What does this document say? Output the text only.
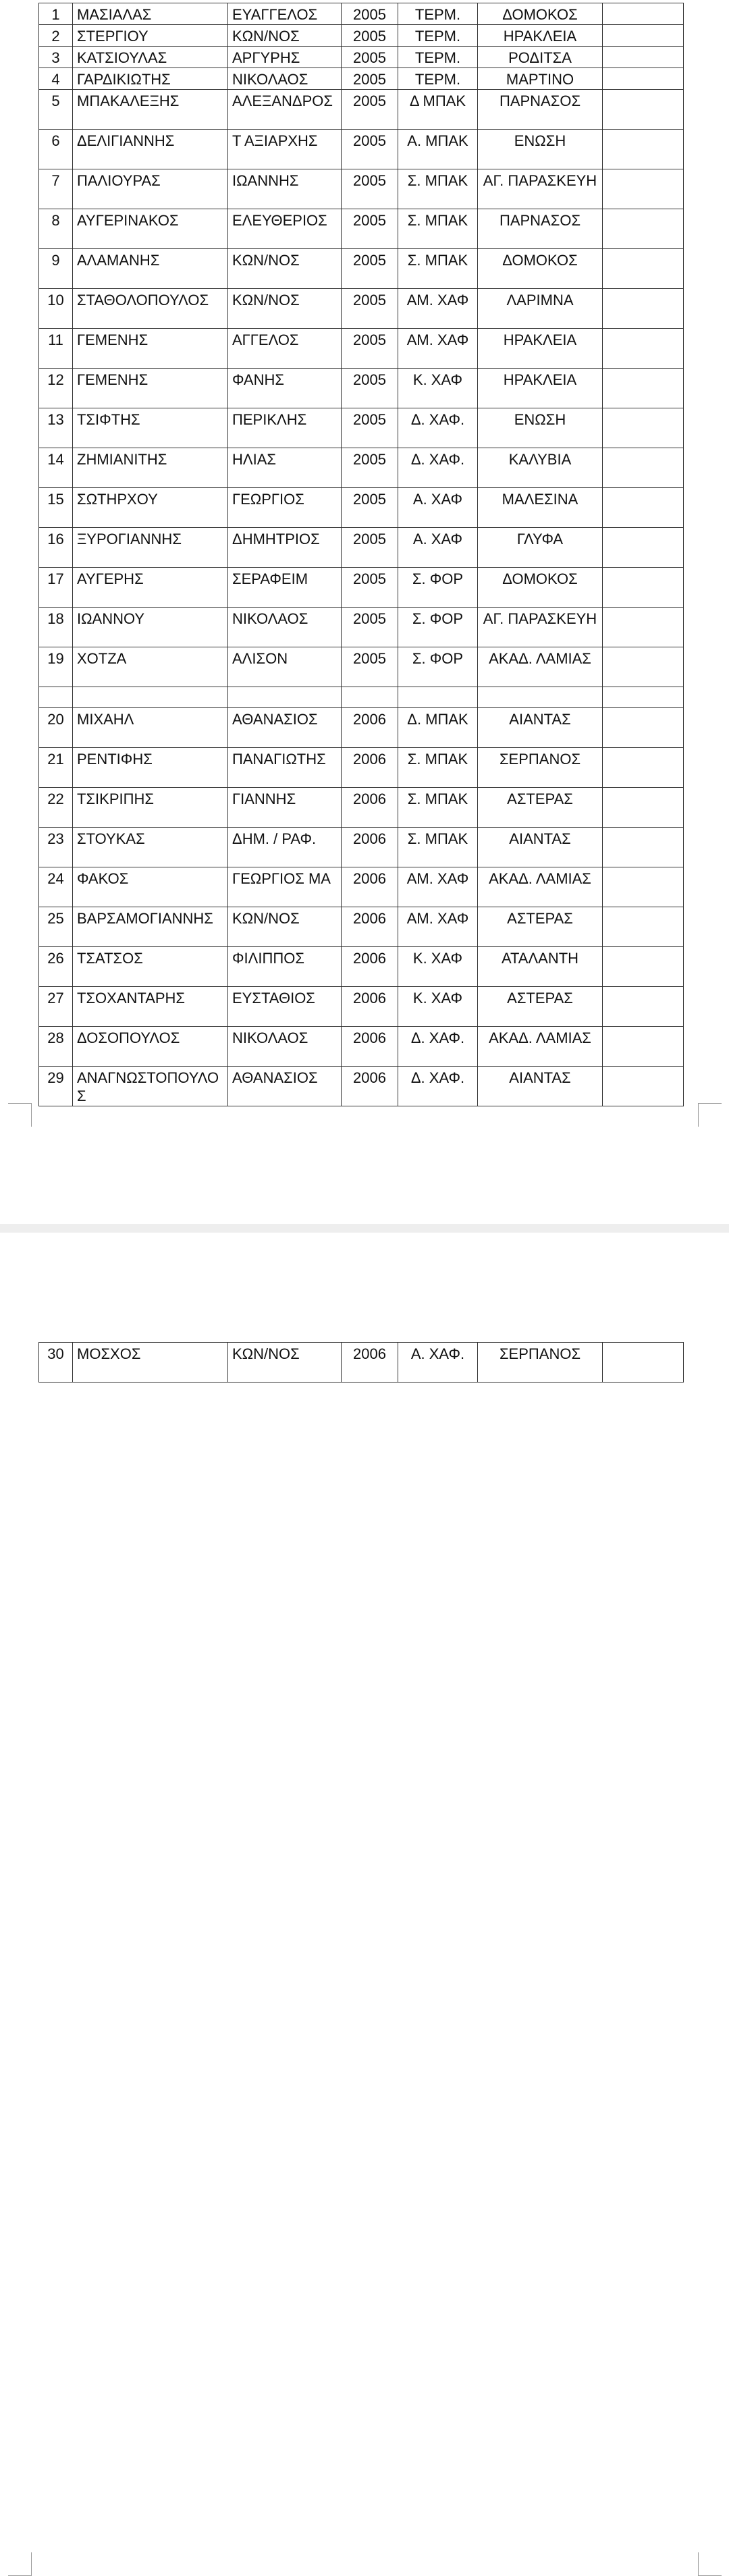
1	ΜΑΣΙΑΛΑΣ	ΕΥΑΓΓΕΛΟΣ	2005	ΤΕΡΜ.	ΔΟΜΟΚΟΣ	
2	ΣΤΕΡΓΙΟΥ	ΚΩΝ/ΝΟΣ	2005	ΤΕΡΜ.	ΗΡΑΚΛΕΙΑ	
3	ΚΑΤΣΙΟΥΛΑΣ	ΑΡΓΥΡΗΣ	2005	ΤΕΡΜ.	ΡΟΔΙΤΣΑ	
4	ΓΑΡΔΙΚΙΩΤΗΣ	ΝΙΚΟΛΑΟΣ	2005	ΤΕΡΜ.	ΜΑΡΤΙΝΟ	
5	ΜΠΑΚΑΛΕΞΗΣ	ΑΛΕΞΑΝΔΡΟΣ	2005	Δ ΜΠΑΚ	ΠΑΡΝΑΣΟΣ	
6	ΔΕΛΙΓΙΑΝΝΗΣ	Τ ΑΞΙΑΡΧΗΣ	2005	Α. ΜΠΑΚ	ΕΝΩΣΗ	
7	ΠΑΛΙΟΥΡΑΣ	ΙΩΑΝΝΗΣ	2005	Σ. ΜΠΑΚ	ΑΓ. ΠΑΡΑΣΚΕΥΗ	
8	ΑΥΓΕΡΙΝΑΚΟΣ	ΕΛΕΥΘΕΡΙΟΣ	2005	Σ. ΜΠΑΚ	ΠΑΡΝΑΣΟΣ	
9	ΑΛΑΜΑΝΗΣ	ΚΩΝ/ΝΟΣ	2005	Σ. ΜΠΑΚ	ΔΟΜΟΚΟΣ	
10	ΣΤΑΘΟΛΟΠΟΥΛΟΣ	ΚΩΝ/ΝΟΣ	2005	ΑΜ. ΧΑΦ	ΛΑΡΙΜΝΑ	
11	ΓΕΜΕΝΗΣ	ΑΓΓΕΛΟΣ	2005	ΑΜ. ΧΑΦ	ΗΡΑΚΛΕΙΑ	
12	ΓΕΜΕΝΗΣ	ΦΑΝΗΣ	2005	Κ. ΧΑΦ	ΗΡΑΚΛΕΙΑ	
13	ΤΣΙΦΤΗΣ	ΠΕΡΙΚΛΗΣ	2005	Δ. ΧΑΦ.	ΕΝΩΣΗ	
14	ΖΗΜΙΑΝΙΤΗΣ	ΗΛΙΑΣ	2005	Δ. ΧΑΦ.	ΚΑΛΥΒΙΑ	
15	ΣΩΤΗΡΧΟΥ	ΓΕΩΡΓΙΟΣ	2005	Α. ΧΑΦ	ΜΑΛΕΣΙΝΑ	
16	ΞΥΡΟΓΙΑΝΝΗΣ	ΔΗΜΗΤΡΙΟΣ	2005	Α. ΧΑΦ	ΓΛΥΦΑ	
17	ΑΥΓΕΡΗΣ	ΣΕΡΑΦΕΙΜ	2005	Σ. ΦΟΡ	ΔΟΜΟΚΟΣ	
18	ΙΩΑΝΝΟΥ	ΝΙΚΟΛΑΟΣ	2005	Σ. ΦΟΡ	ΑΓ. ΠΑΡΑΣΚΕΥΗ	
19	ΧΟΤΖΑ	ΑΛΙΣΟΝ	2005	Σ. ΦΟΡ	ΑΚΑΔ. ΛΑΜΙΑΣ	

20	ΜΙΧΑΗΛ	ΑΘΑΝΑΣΙΟΣ	2006	Δ. ΜΠΑΚ	ΑΙΑΝΤΑΣ	
21	ΡΕΝΤΙΦΗΣ	ΠΑΝΑΓΙΩΤΗΣ	2006	Σ. ΜΠΑΚ	ΣΕΡΠΑΝΟΣ	
22	ΤΣΙΚΡΙΠΗΣ	ΓΙΑΝΝΗΣ	2006	Σ. ΜΠΑΚ	ΑΣΤΕΡΑΣ	
23	ΣΤΟΥΚΑΣ	ΔΗΜ. / ΡΑΦ.	2006	Σ. ΜΠΑΚ	ΑΙΑΝΤΑΣ	
24	ΦΑΚΟΣ	ΓΕΩΡΓΙΟΣ ΜΑ	2006	ΑΜ. ΧΑΦ	ΑΚΑΔ. ΛΑΜΙΑΣ	
25	ΒΑΡΣΑΜΟΓΙΑΝΝΗΣ	ΚΩΝ/ΝΟΣ	2006	ΑΜ. ΧΑΦ	ΑΣΤΕΡΑΣ	
26	ΤΣΑΤΣΟΣ	ΦΙΛΙΠΠΟΣ	2006	Κ. ΧΑΦ	ΑΤΑΛΑΝΤΗ	
27	ΤΣΟΧΑΝΤΑΡΗΣ	ΕΥΣΤΑΘΙΟΣ	2006	Κ. ΧΑΦ	ΑΣΤΕΡΑΣ	
28	ΔΟΣΟΠΟΥΛΟΣ	ΝΙΚΟΛΑΟΣ	2006	Δ. ΧΑΦ.	ΑΚΑΔ. ΛΑΜΙΑΣ	
29	ΑΝΑΓΝΩΣΤΟΠΟΥΛΟΣ	ΑΘΑΝΑΣΙΟΣ	2006	Δ. ΧΑΦ.	ΑΙΑΝΤΑΣ	
30	ΜΟΣΧΟΣ	ΚΩΝ/ΝΟΣ	2006	Α. ΧΑΦ.	ΣΕΡΠΑΝΟΣ	
